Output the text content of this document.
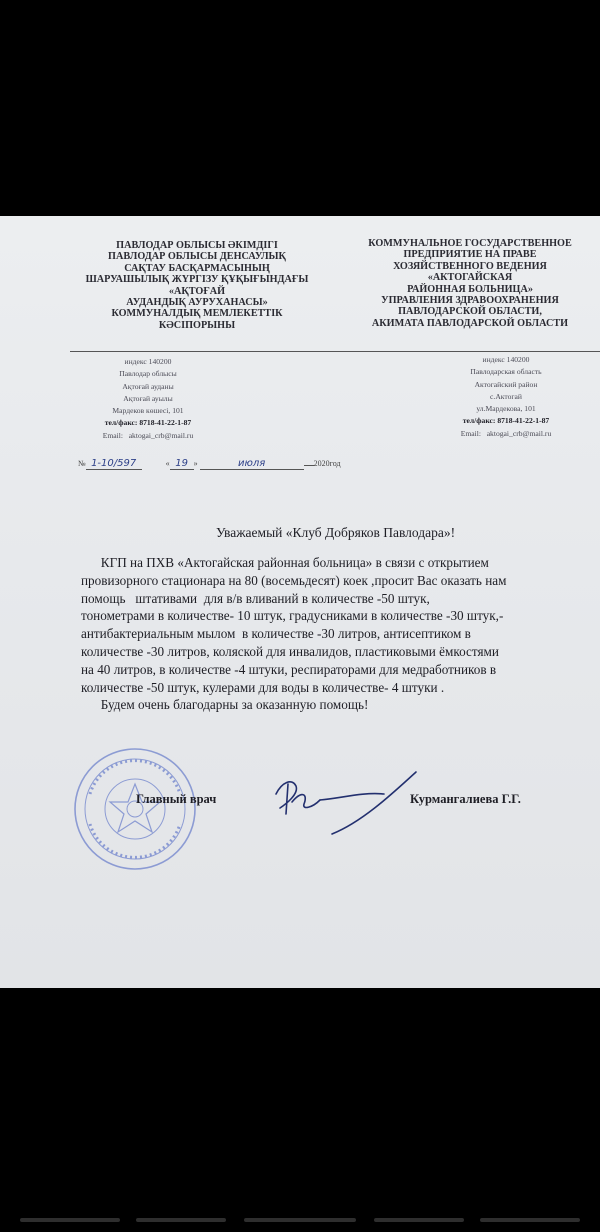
ПАВЛОДАР ОБЛЫСЫ ӘКІМДІГІ
ПАВЛОДАР ОБЛЫСЫ ДЕНСАУЛЫҚ
САҚТАУ БАСҚАРМАСЫНЫҢ
ШАРУАШЫЛЫҚ ЖҮРГІЗУ ҚҰҚЫҒЫНДАҒЫ
«АҚТОҒАЙ
АУДАНДЫҚ АУРУХАНАСЫ»
КОММУНАЛДЫҚ МЕМЛЕКЕТТІК
КӘСІПОРЫНЫ
КОММУНАЛЬНОЕ ГОСУДАРСТВЕННОЕ
ПРЕДПРИЯТИЕ НА ПРАВЕ
ХОЗЯЙСТВЕННОГО ВЕДЕНИЯ
«АКТОГАЙСКАЯ
РАЙОННАЯ БОЛЬНИЦА»
УПРАВЛЕНИЯ ЗДРАВООХРАНЕНИЯ
ПАВЛОДАРСКОЙ ОБЛАСТИ,
АКИМАТА ПАВЛОДАРСКОЙ ОБЛАСТИ
индекс 140200
Павлодар облысы
Ақтоғай ауданы
Ақтоғай ауылы
Мардеков көшесі, 101
тел/факс: 8718-41-22-1-87
Email: aktogai_crb@mail.ru
индекс 140200
Павлодарская область
Актогайский район
с.Актогай
ул.Мардекова, 101
тел/факс: 8718-41-22-1-87
Email: aktogai_crb@mail.ru
№ 1-10/597	« 19 »	июля	2020год
Уважаемый «Клуб Добряков Павлодара»!
КГП на ПХВ «Актогайская районная больница» в связи с открытием
провизорного стационара на 80 (восемьдесят) коек ,просит Вас оказать нам
помощь   штативами  для в/в вливаний в количестве -50 штук,
тонометрами в количестве- 10 штук, градусниками в количестве -30 штук,-
антибактериальным мылом  в количестве -30 литров, антисептиком в
количестве -30 литров, коляской для инвалидов, пластиковыми ёмкостями
на 40 литров, в количестве -4 штуки, респираторами для медработников в
количестве -50 штук, кулерами для воды в количестве- 4 штуки .
Будем очень благодарны за оказанную помощь!
Главный врач	Курмангалиева Г.Г.
